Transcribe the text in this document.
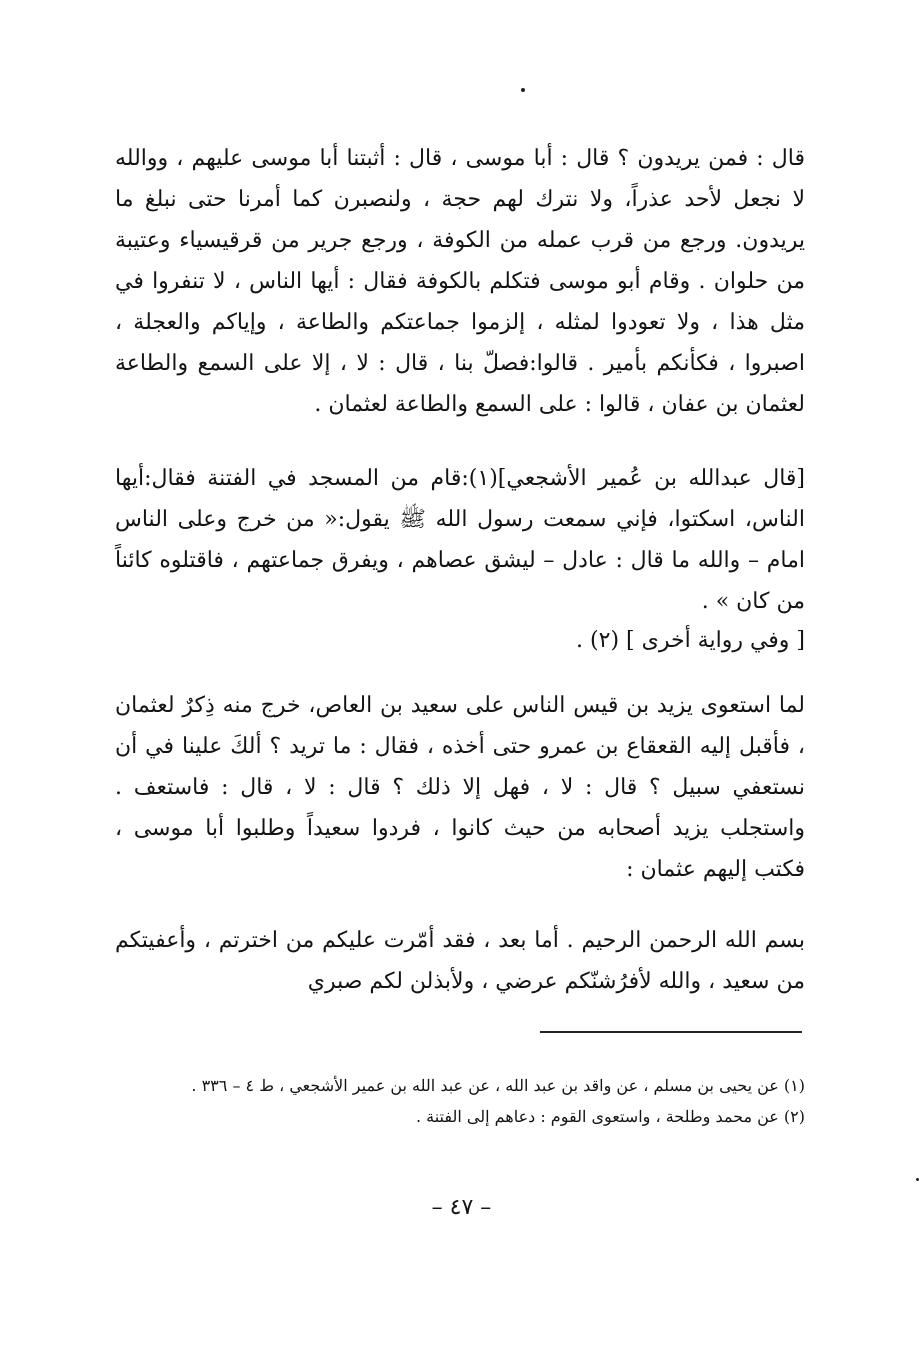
قال : فمن يريدون ؟ قال : أبا موسى ، قال : أثبتنا أبا موسى عليهم ، ووالله لا نجعل لأحد عذراً، ولا نترك لهم حجة ، ولنصبرن كما أمرنا حتى نبلغ ما يريدون. ورجع من قرب عمله من الكوفة ، ورجع جرير من قرقيسياء وعتيبة من حلوان . وقام أبو موسى فتكلم بالكوفة فقال : أيها الناس ، لا تنفروا في مثل هذا ، ولا تعودوا لمثله ، إلزموا جماعتكم والطاعة ، وإياكم والعجلة ، اصبروا ، فكأنكم بأمير . قالوا:فصلّ بنا ، قال : لا ، إلا على السمع والطاعة لعثمان بن عفان ، قالوا : على السمع والطاعة لعثمان .

[قال عبدالله بن عُمير الأشجعي](١):قام من المسجد في الفتنة فقال:أيها الناس، اسكتوا، فإني سمعت رسول الله ﷺ يقول:« من خرج وعلى الناس امام – والله ما قال : عادل – ليشق عصاهم ، ويفرق جماعتهم ، فاقتلوه كائناً من كان » .

[ وفي رواية أخرى ] (٢) .

لما استعوى يزيد بن قيس الناس على سعيد بن العاص، خرج منه ذِكرٌ لعثمان ، فأقبل إليه القعقاع بن عمرو حتى أخذه ، فقال : ما تريد ؟ ألكَ علينا في أن نستعفي سبيل ؟ قال : لا ، فهل إلا ذلك ؟ قال : لا ، قال : فاستعف . واستجلب يزيد أصحابه من حيث كانوا ، فردوا سعيداً وطلبوا أبا موسى ، فكتب إليهم عثمان :

بسم الله الرحمن الرحيم . أما بعد ، فقد أمّرت عليكم من اخترتم ، وأعفيتكم من سعيد ، والله لأفرُشنّكم عرضي ، ولأبذلن لكم صبري

(١) عن يحيى بن مسلم ، عن واقد بن عبد الله ، عن عبد الله بن عمير الأشجعي ، ط ٤ – ٣٣٦ .

(٢) عن محمد وطلحة ، واستعوى القوم : دعاهم إلى الفتنة .

– ٤٧ –
